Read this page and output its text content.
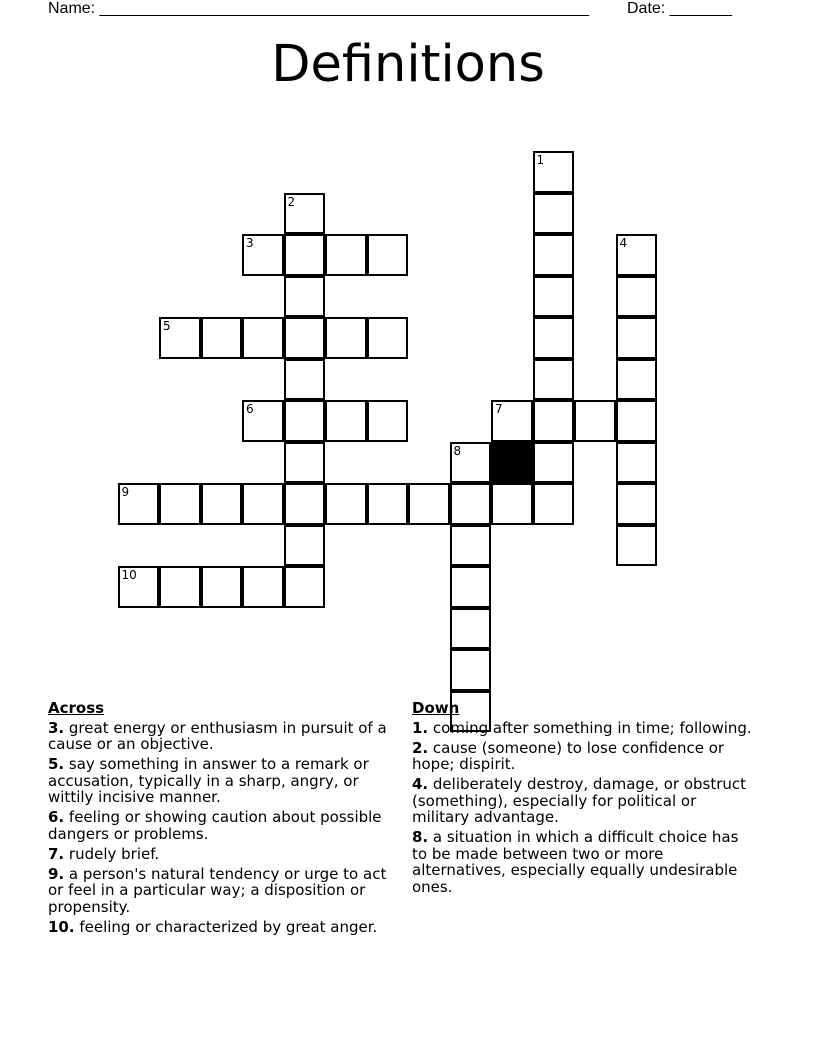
Name: _______________________________________________________ Date: _______
Definitions
1
2
3	4
5
6	7
8
9
10
Across
3. great energy or enthusiasm in pursuit of a cause or an objective.
5. say something in answer to a remark or accusation, typically in a sharp, angry, or wittily incisive manner.
6. feeling or showing caution about possible dangers or problems.
7. rudely brief.
9. a person's natural tendency or urge to act or feel in a particular way; a disposition or propensity.
10. feeling or characterized by great anger.
Down
1. coming after something in time; following.
2. cause (someone) to lose confidence or hope; dispirit.
4. deliberately destroy, damage, or obstruct (something), especially for political or military advantage.
8. a situation in which a difficult choice has to be made between two or more alternatives, especially equally undesirable ones.
